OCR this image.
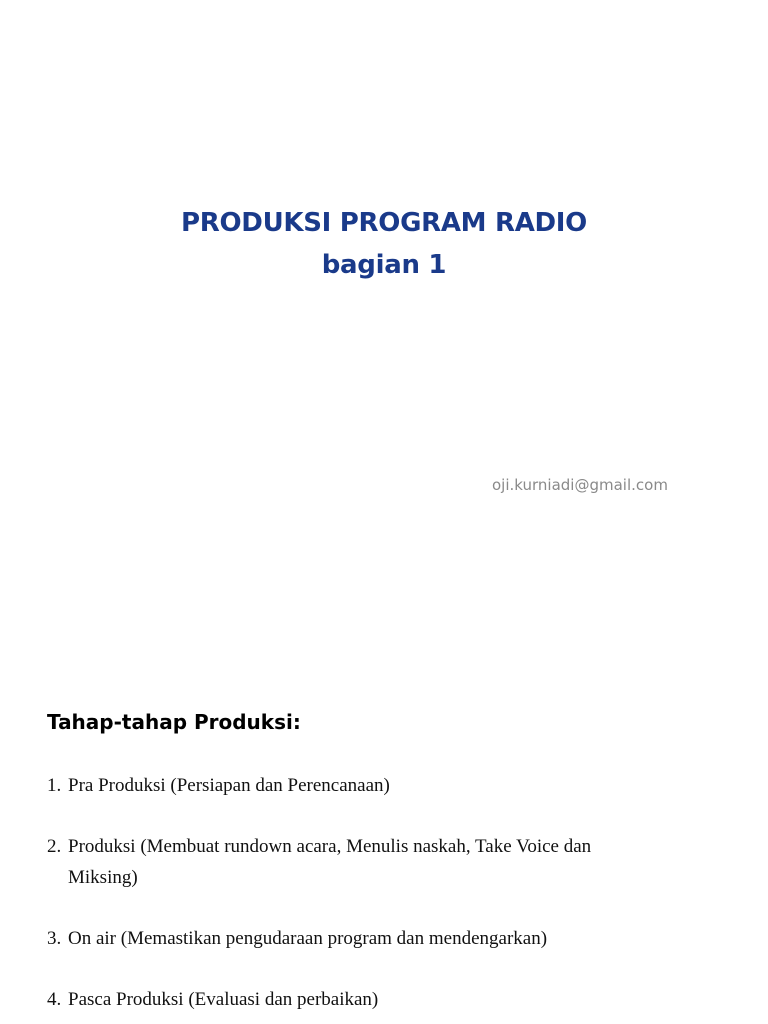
PRODUKSI PROGRAM RADIO
bagian 1
oji.kurniadi@gmail.com
Tahap-tahap Produksi:
1. Pra Produksi (Persiapan dan Perencanaan)
2. Produksi (Membuat rundown acara, Menulis naskah, Take Voice dan Miksing)
3. On air (Memastikan pengudaraan program dan mendengarkan)
4. Pasca Produksi (Evaluasi dan perbaikan)
